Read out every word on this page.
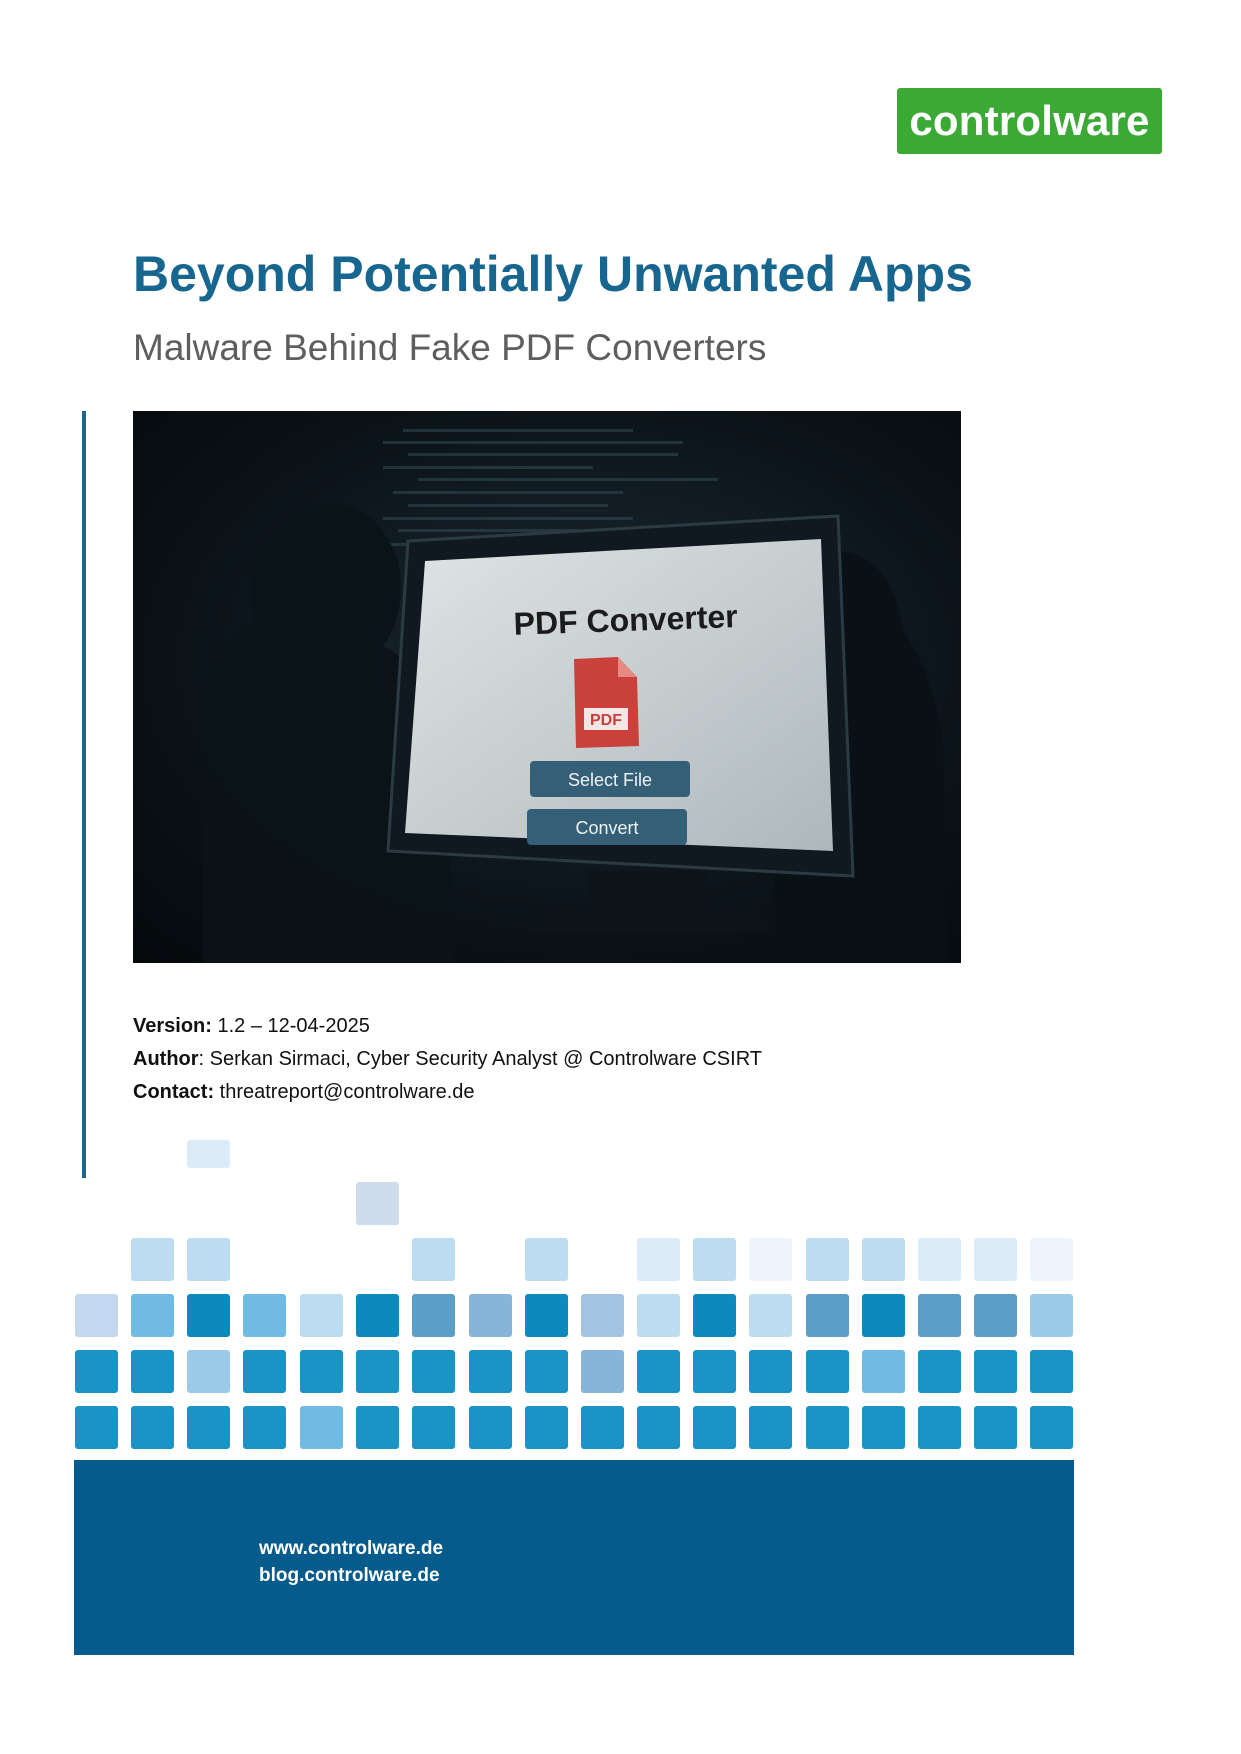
controlware
Beyond Potentially Unwanted Apps
Malware Behind Fake PDF Converters
PDF Converter
PDF
Select File
Convert
Version: 1.2 – 12-04-2025
Author: Serkan Sirmaci, Cyber Security Analyst @ Controlware CSIRT
Contact: threatreport@controlware.de
www.controlware.de
blog.controlware.de
